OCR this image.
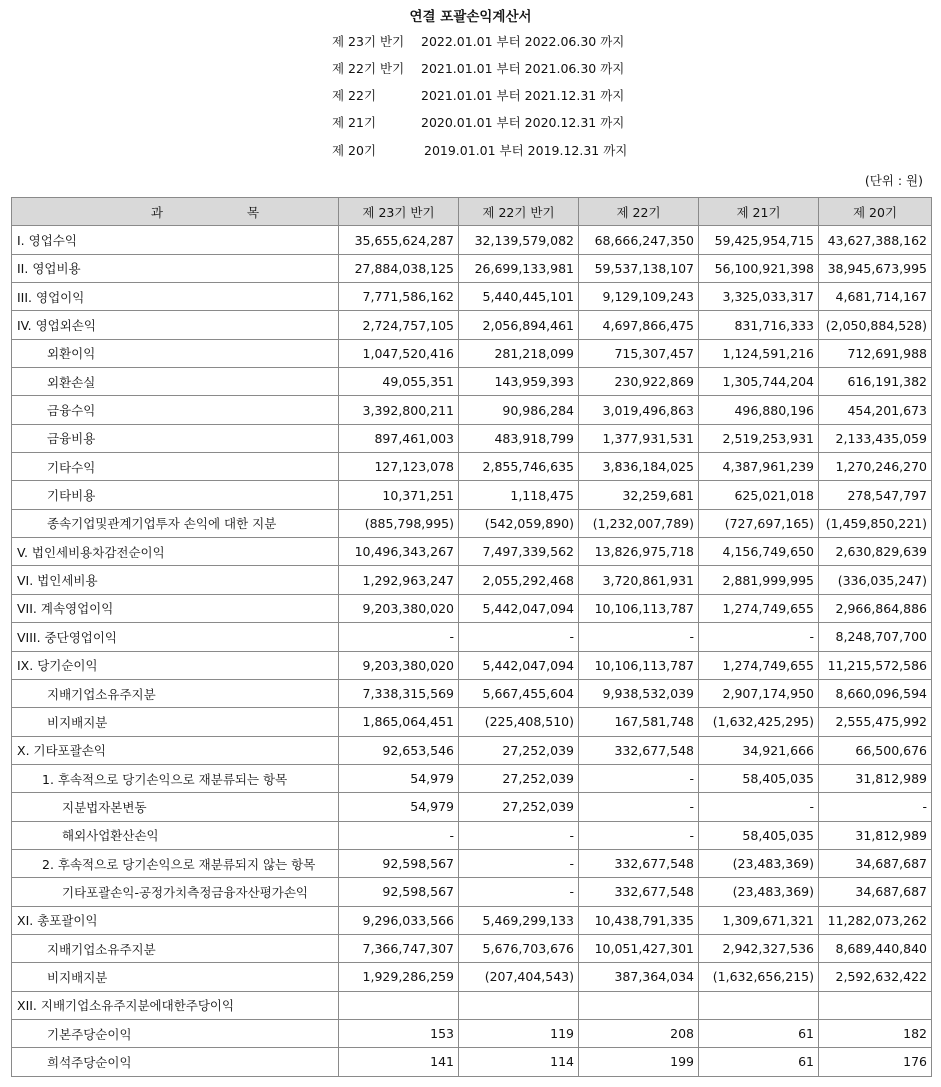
연결 포괄손익계산서
제 23기 반기 2022.01.01 부터 2022.06.30 까지
제 22기 반기 2021.01.01 부터 2021.06.30 까지
제 22기	2021.01.01 부터 2021.12.31 까지
제 21기	2020.01.01 부터 2020.12.31 까지
제 20기	2019.01.01 부터 2019.12.31 까지
(단위 : 원)
과 목	제 23기 반기	제 22기 반기	제 22기	제 21기	제 20기
I. 영업수익	35,655,624,287	32,139,579,082	68,666,247,350	59,425,954,715	43,627,388,162
II. 영업비용	27,884,038,125	26,699,133,981	59,537,138,107	56,100,921,398	38,945,673,995
III. 영업이익	7,771,586,162	5,440,445,101	9,129,109,243	3,325,033,317	4,681,714,167
IV. 영업외손익	2,724,757,105	2,056,894,461	4,697,866,475	831,716,333	(2,050,884,528)
외환이익	1,047,520,416	281,218,099	715,307,457	1,124,591,216	712,691,988
외환손실	49,055,351	143,959,393	230,922,869	1,305,744,204	616,191,382
금융수익	3,392,800,211	90,986,284	3,019,496,863	496,880,196	454,201,673
금융비용	897,461,003	483,918,799	1,377,931,531	2,519,253,931	2,133,435,059
기타수익	127,123,078	2,855,746,635	3,836,184,025	4,387,961,239	1,270,246,270
기타비용	10,371,251	1,118,475	32,259,681	625,021,018	278,547,797
종속기업및관계기업투자 손익에 대한 지분	(885,798,995)	(542,059,890)	(1,232,007,789)	(727,697,165)	(1,459,850,221)
V. 법인세비용차감전순이익	10,496,343,267	7,497,339,562	13,826,975,718	4,156,749,650	2,630,829,639
VI. 법인세비용	1,292,963,247	2,055,292,468	3,720,861,931	2,881,999,995	(336,035,247)
VII. 계속영업이익	9,203,380,020	5,442,047,094	10,106,113,787	1,274,749,655	2,966,864,886
VIII. 중단영업이익	-	-	-	-	8,248,707,700
IX. 당기순이익	9,203,380,020	5,442,047,094	10,106,113,787	1,274,749,655	11,215,572,586
지배기업소유주지분	7,338,315,569	5,667,455,604	9,938,532,039	2,907,174,950	8,660,096,594
비지배지분	1,865,064,451	(225,408,510)	167,581,748	(1,632,425,295)	2,555,475,992
X. 기타포괄손익	92,653,546	27,252,039	332,677,548	34,921,666	66,500,676
1. 후속적으로 당기손익으로 재분류되는 항목	54,979	27,252,039	-	58,405,035	31,812,989
지분법자본변동	54,979	27,252,039	-	-	-
해외사업환산손익	-	-	-	58,405,035	31,812,989
2. 후속적으로 당기손익으로 재분류되지 않는 항목	92,598,567	-	332,677,548	(23,483,369)	34,687,687
기타포괄손익-공정가치측정금융자산평가손익	92,598,567	-	332,677,548	(23,483,369)	34,687,687
XI. 총포괄이익	9,296,033,566	5,469,299,133	10,438,791,335	1,309,671,321	11,282,073,262
지배기업소유주지분	7,366,747,307	5,676,703,676	10,051,427,301	2,942,327,536	8,689,440,840
비지배지분	1,929,286,259	(207,404,543)	387,364,034	(1,632,656,215)	2,592,632,422
XII. 지배기업소유주지분에대한주당이익					
기본주당순이익	153	119	208	61	182
희석주당순이익	141	114	199	61	176
